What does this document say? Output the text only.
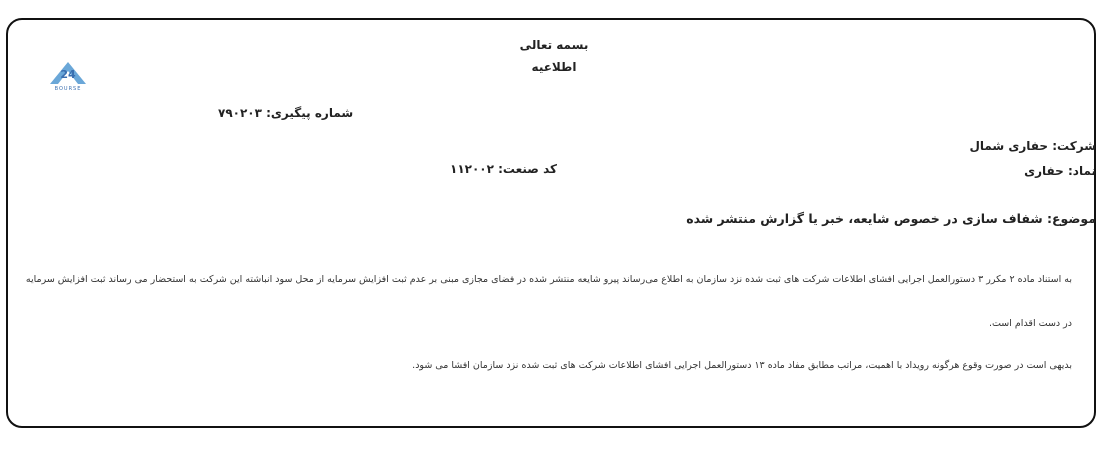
بسمه تعالی
اطلاعیه
24
BOURSE
شماره پیگیری: ۷۹۰۲۰۳
شرکت: حفاری شمال
نماد: حفاری
کد صنعت: ۱۱۲۰۰۲
موضوع: شفاف سازی در خصوص شایعه، خبر یا گزارش منتشر شده
به استناد ماده ۲ مکرر ۳ دستورالعمل اجرایی افشای اطلاعات شرکت های ثبت شده نزد سازمان به اطلاع می‌رساند پیرو شایعه منتشر شده در فضای مجازی مبنی بر عدم ثبت افزایش سرمایه از محل سود انباشته این شرکت به استحضار می رساند ثبت افزایش سرمایه
در دست اقدام است.
بدیهی است در صورت وقوع هرگونه رویداد با اهمیت، مراتب مطابق مفاد ماده ۱۳ دستورالعمل اجرایی افشای اطلاعات شرکت های ثبت شده نزد سازمان افشا می شود.
